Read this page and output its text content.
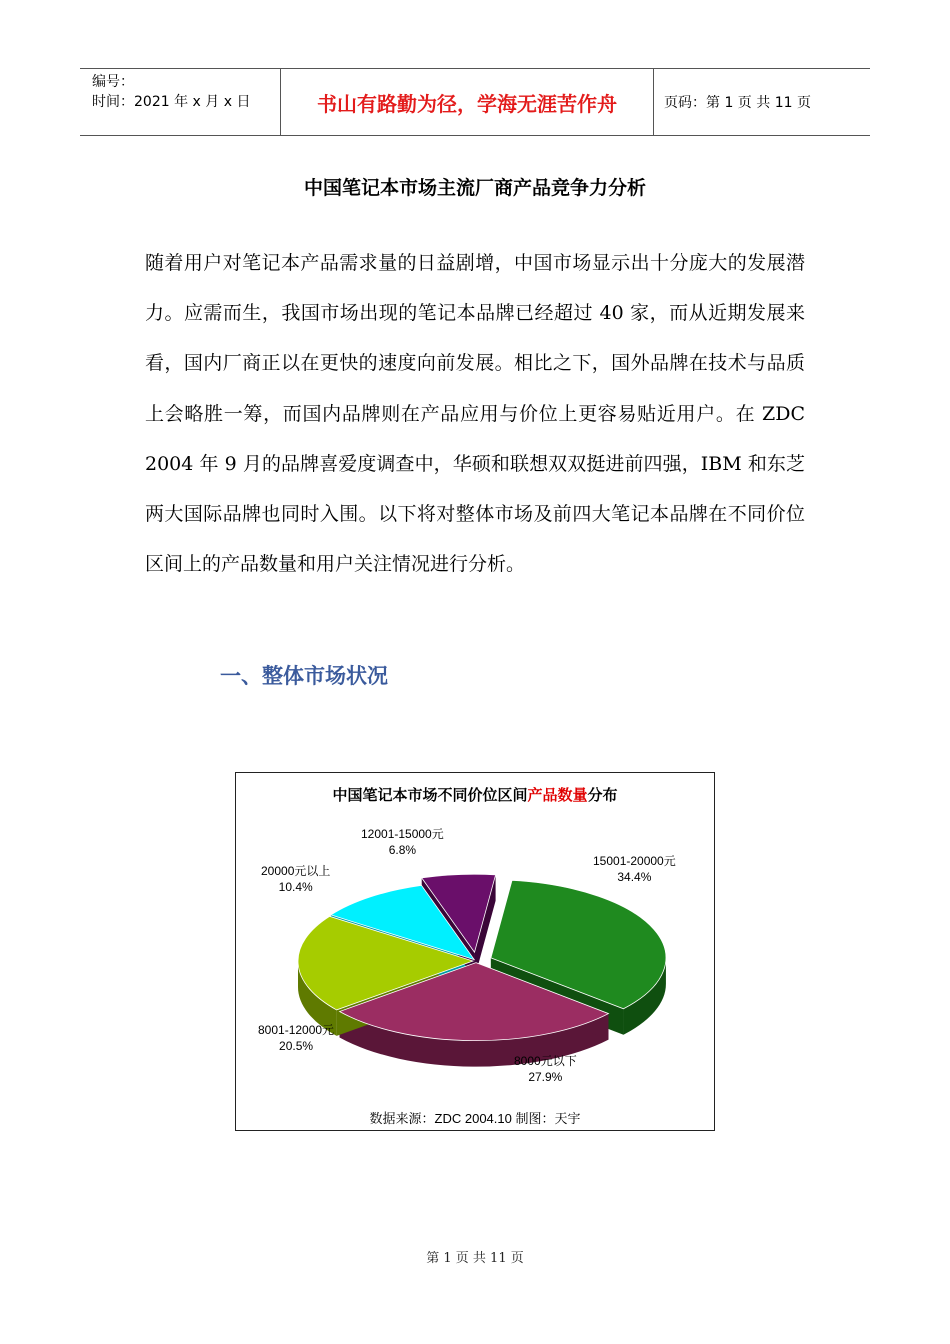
编号：
时间：2021 年 x 月 x 日	书山有路勤为径，学海无涯苦作舟	页码：第 1 页 共 11 页
中国笔记本市场主流厂商产品竞争力分析
随着用户对笔记本产品需求量的日益剧增，中国市场显示出十分庞大的发展潜力。应需而生，我国市场出现的笔记本品牌已经超过 40 家，而从近期发展来看，国内厂商正以在更快的速度向前发展。相比之下，国外品牌在技术与品质上会略胜一筹，而国内品牌则在产品应用与价位上更容易贴近用户。在 ZDC 2004 年 9 月的品牌喜爱度调查中，华硕和联想双双挺进前四强，IBM 和东芝两大国际品牌也同时入围。以下将对整体市场及前四大笔记本品牌在不同价位区间上的产品数量和用户关注情况进行分析。
一、整体市场状况
中国笔记本市场不同价位区间产品数量分布
15001-20000元
34.4%
8000元以下
27.9%
8001-12000元
20.5%
20000元以上
10.4%
12001-15000元
6.8%
数据来源：ZDC 2004.10 制图：天宇
第 1 页 共 11 页
